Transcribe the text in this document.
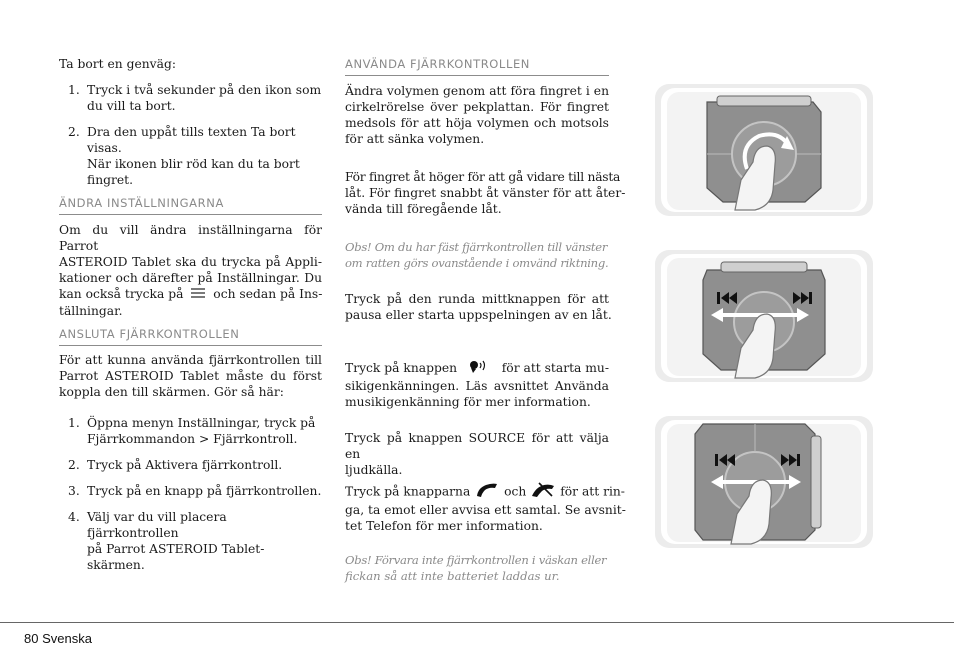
Ta bort en genväg:

1. Tryck i två sekunder på den ikon som
du vill ta bort.
2. Dra den uppåt tills texten Ta bort visas.
När ikonen blir röd kan du ta bort
fingret.
ÄNDRA INSTÄLLNINGARNA
Om du vill ändra inställningarna för Parrot
ASTEROID Tablet ska du trycka på Appli-
kationer och därefter på Inställningar. Du
kan också trycka på och sedan på Ins-
tällningar.
ANSLUTA FJÄRRKONTROLLEN
För att kunna använda fjärrkontrollen till
Parrot ASTEROID Tablet måste du först
koppla den till skärmen. Gör så här:
1. Öppna menyn Inställningar, tryck på
Fjärrkommandon > Fjärrkontroll.
2. Tryck på Aktivera fjärrkontroll.
3. Tryck på en knapp på fjärrkontrollen.
4. Välj var du vill placera fjärrkontrollen
på Parrot ASTEROID Tablet-skärmen.
ANVÄNDA FJÄRRKONTROLLEN
Ändra volymen genom att föra fingret i en
cirkelrörelse över pekplattan. För fingret
medsols för att höja volymen och motsols
för att sänka volymen.
För fingret åt höger för att gå vidare till nästa
låt. För fingret snabbt åt vänster för att åter-
vända till föregående låt.
Obs! Om du har fäst fjärrkontrollen till vänster
om ratten görs ovanstående i omvänd riktning.
Tryck på den runda mittknappen för att
pausa eller starta uppspelningen av en låt.
Tryck på knappen	för att starta mu-
sikigenkänningen. Läs avsnittet Använda
musikigenkänning för mer information.
Tryck på knappen SOURCE för att välja en
ljudkälla.
Tryck på knapparna	och	för att rin-
ga, ta emot eller avvisa ett samtal. Se avsnit-
tet Telefon för mer information.
Obs! Förvara inte fjärrkontrollen i väskan eller
fickan så att inte batteriet laddas ur.
80 Svenska
